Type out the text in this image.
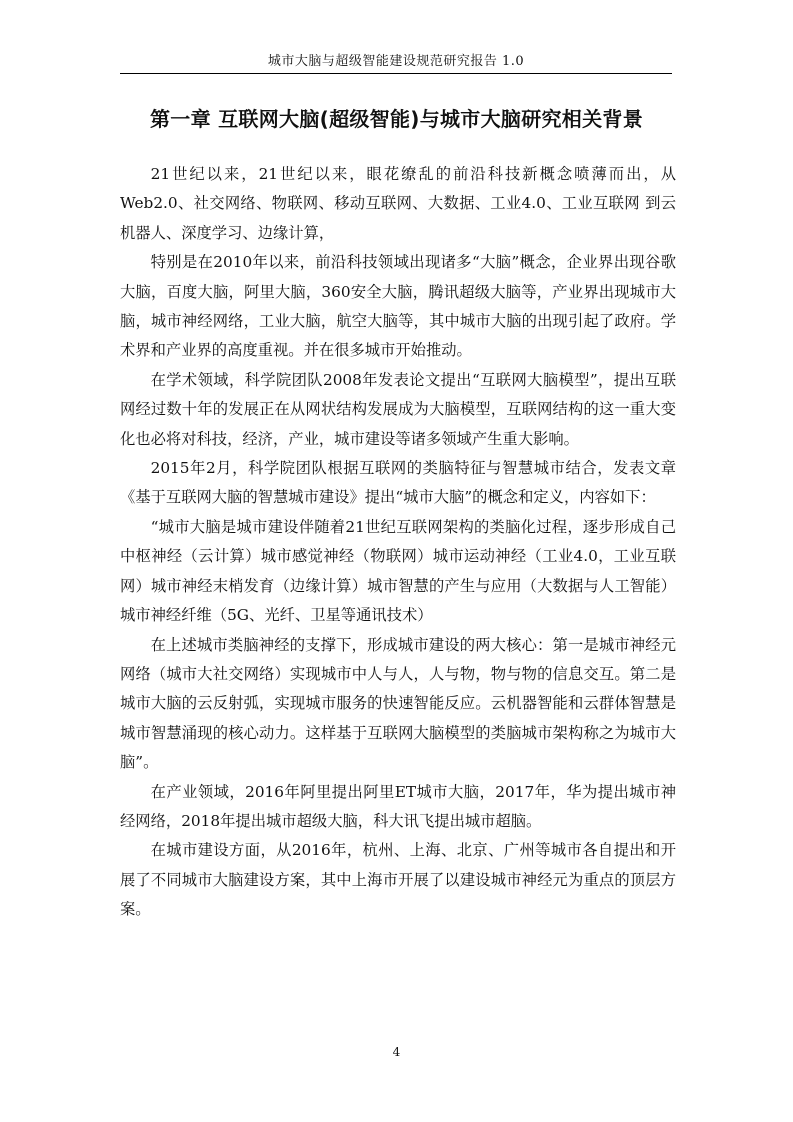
城市大脑与超级智能建设规范研究报告 1.0
第一章 互联网大脑(超级智能)与城市大脑研究相关背景

21世纪以来，21世纪以来，眼花缭乱的前沿科技新概念喷薄而出，从Web2.0、社交网络、物联网、移动互联网、大数据、工业4.0、工业互联网 到云机器人、深度学习、边缘计算，

特别是在2010年以来，前沿科技领域出现诸多“大脑”概念，企业界出现谷歌大脑，百度大脑，阿里大脑，360安全大脑，腾讯超级大脑等，产业界出现城市大脑，城市神经网络，工业大脑，航空大脑等，其中城市大脑的出现引起了政府。学术界和产业界的高度重视。并在很多城市开始推动。

在学术领域，科学院团队2008年发表论文提出“互联网大脑模型”，提出互联网经过数十年的发展正在从网状结构发展成为大脑模型，互联网结构的这一重大变化也必将对科技，经济，产业，城市建设等诸多领域产生重大影响。

2015年2月，科学院团队根据互联网的类脑特征与智慧城市结合，发表文章《基于互联网大脑的智慧城市建设》提出“城市大脑”的概念和定义，内容如下：

“城市大脑是城市建设伴随着21世纪互联网架构的类脑化过程，逐步形成自己中枢神经（云计算）城市感觉神经（物联网）城市运动神经（工业4.0，工业互联网）城市神经末梢发育（边缘计算）城市智慧的产生与应用（大数据与人工智能）城市神经纤维（5G、光纤、卫星等通讯技术）

在上述城市类脑神经的支撑下，形成城市建设的两大核心：第一是城市神经元网络（城市大社交网络）实现城市中人与人，人与物，物与物的信息交互。第二是城市大脑的云反射弧，实现城市服务的快速智能反应。云机器智能和云群体智慧是城市智慧涌现的核心动力。这样基于互联网大脑模型的类脑城市架构称之为城市大脑”。

在产业领域，2016年阿里提出阿里ET城市大脑，2017年，华为提出城市神经网络，2018年提出城市超级大脑，科大讯飞提出城市超脑。

在城市建设方面，从2016年，杭州、上海、北京、广州等城市各自提出和开展了不同城市大脑建设方案，其中上海市开展了以建设城市神经元为重点的顶层方案。

4
